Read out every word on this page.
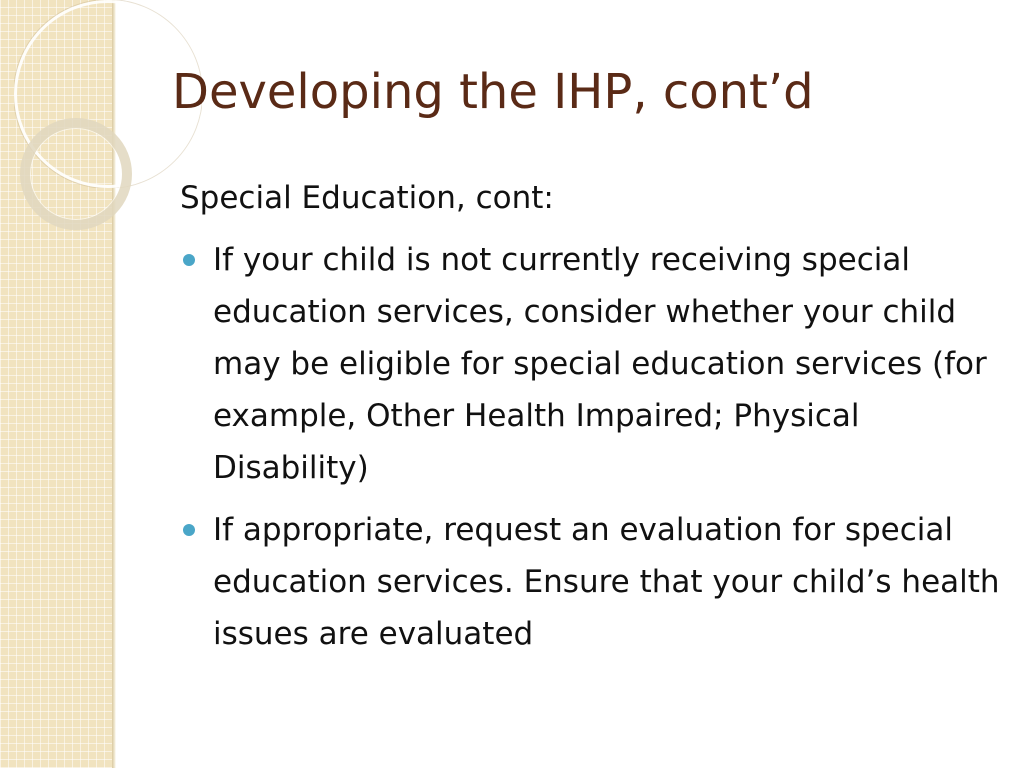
Developing the IHP, cont’d

Special Education, cont:

If your child is not currently receiving special education services, consider whether your child may be eligible for special education services (for example, Other Health Impaired; Physical Disability)
If appropriate, request an evaluation for special education services. Ensure that your child’s health issues are evaluated
